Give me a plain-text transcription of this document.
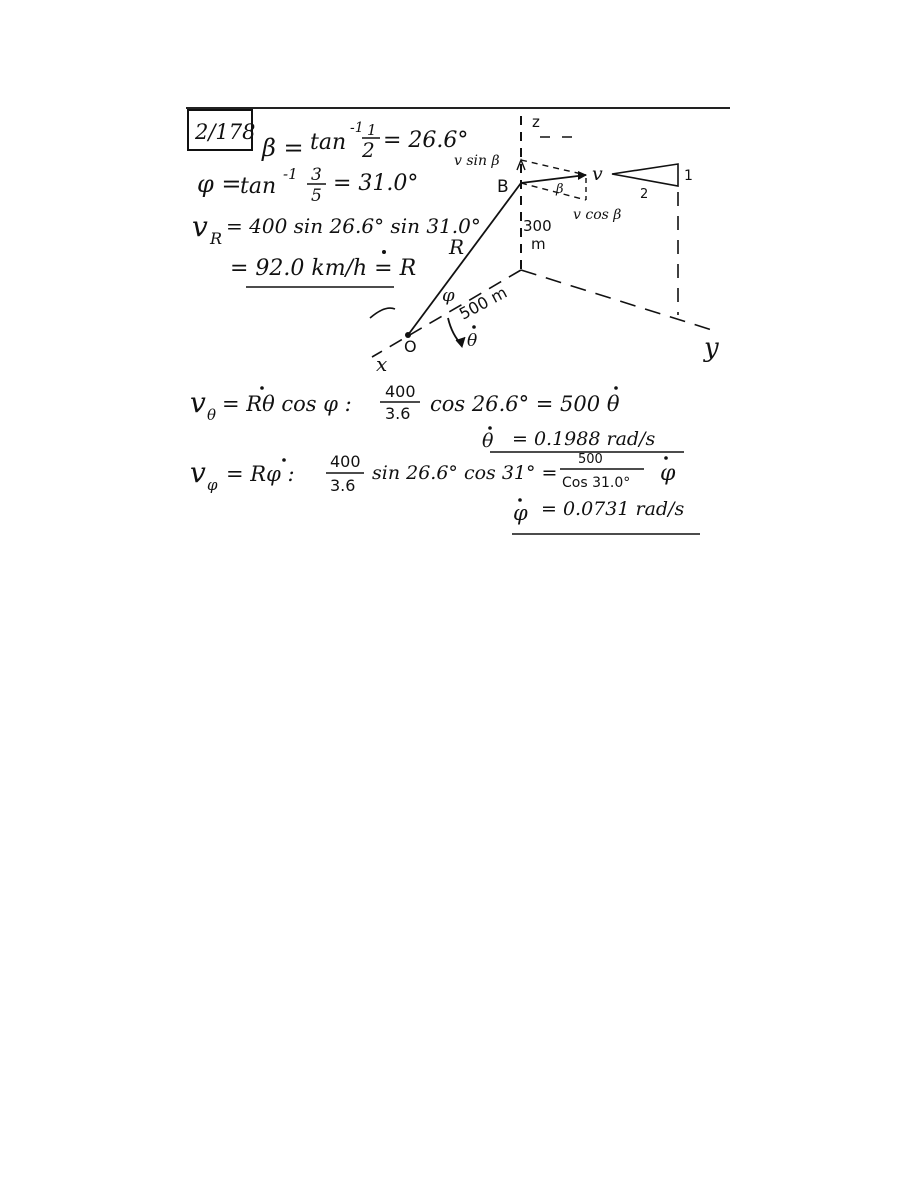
2/178
β = tan
-1 1
2 = 26.6°
φ =
tan -1 3
5 = 31.0°
v R
= 400 sin 26.6° sin 31.0°
= 92.0 km/h = R
z
y
x
O
R
φ 500 m
θ
B
300
m
v
v sin β
β
v cos β
2
1
v θ = Rθ cos φ :
400
3.6 cos 26.6° = 500 θ
θ = 0.1988 rad/s
v φ = Rφ :
400
3.6
sin 26.6° cos 31° =
500
Cos 31.0° φ
φ = 0.0731 rad/s
